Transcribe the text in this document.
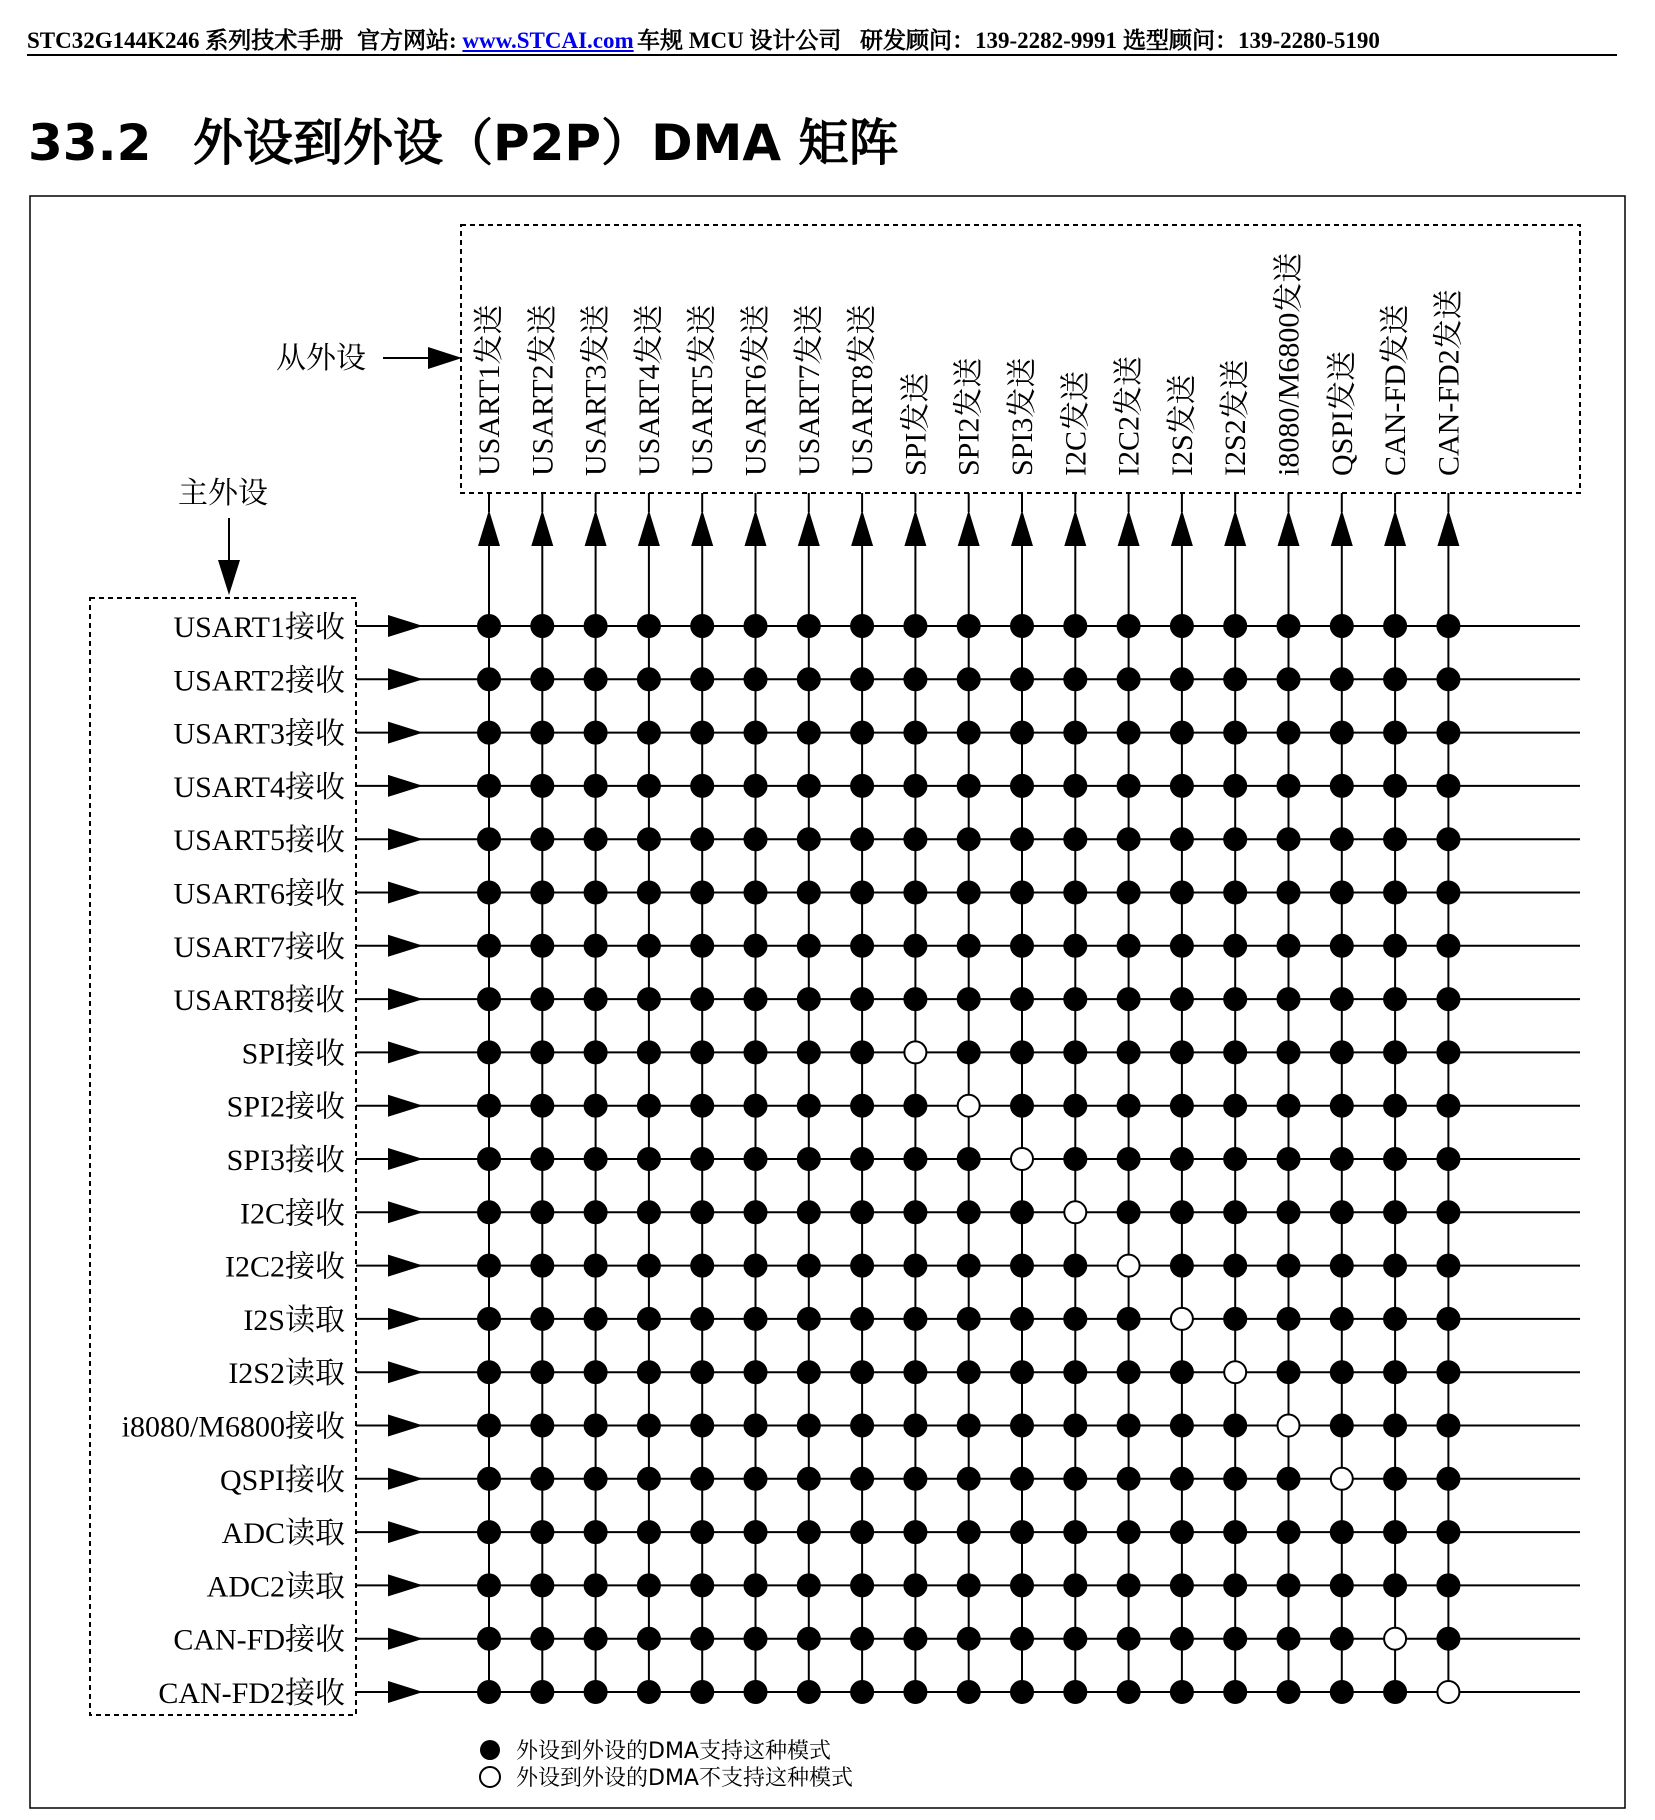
STC32G144K246 系列技术手册 官方网站: www.STCAI.com 车规 MCU 设计公司 研发顾问：139-2282-9991 选型顾问：139-2280-5190
33.2 外设到外设（P2P）DMA 矩阵
从外设
主外设
USART1发送 USART2发送 USART3发送 USART4发送 USART5发送 USART6发送 USART7发送 USART8发送 SPI发送 SPI2发送 SPI3发送 I2C发送 I2C2发送 I2S发送 I2S2发送 i8080/M6800发送 QSPI发送 CAN-FD发送 CAN-FD2发送
USART1接收
USART2接收
USART3接收
USART4接收
USART5接收
USART6接收
USART7接收
USART8接收
SPI接收
SPI2接收
SPI3接收
I2C接收
I2C2接收
I2S读取
I2S2读取
i8080/M6800接收
QSPI接收
ADC读取
ADC2读取
CAN-FD接收
CAN-FD2接收
外设到外设的DMA支持这种模式
外设到外设的DMA不支持这种模式
